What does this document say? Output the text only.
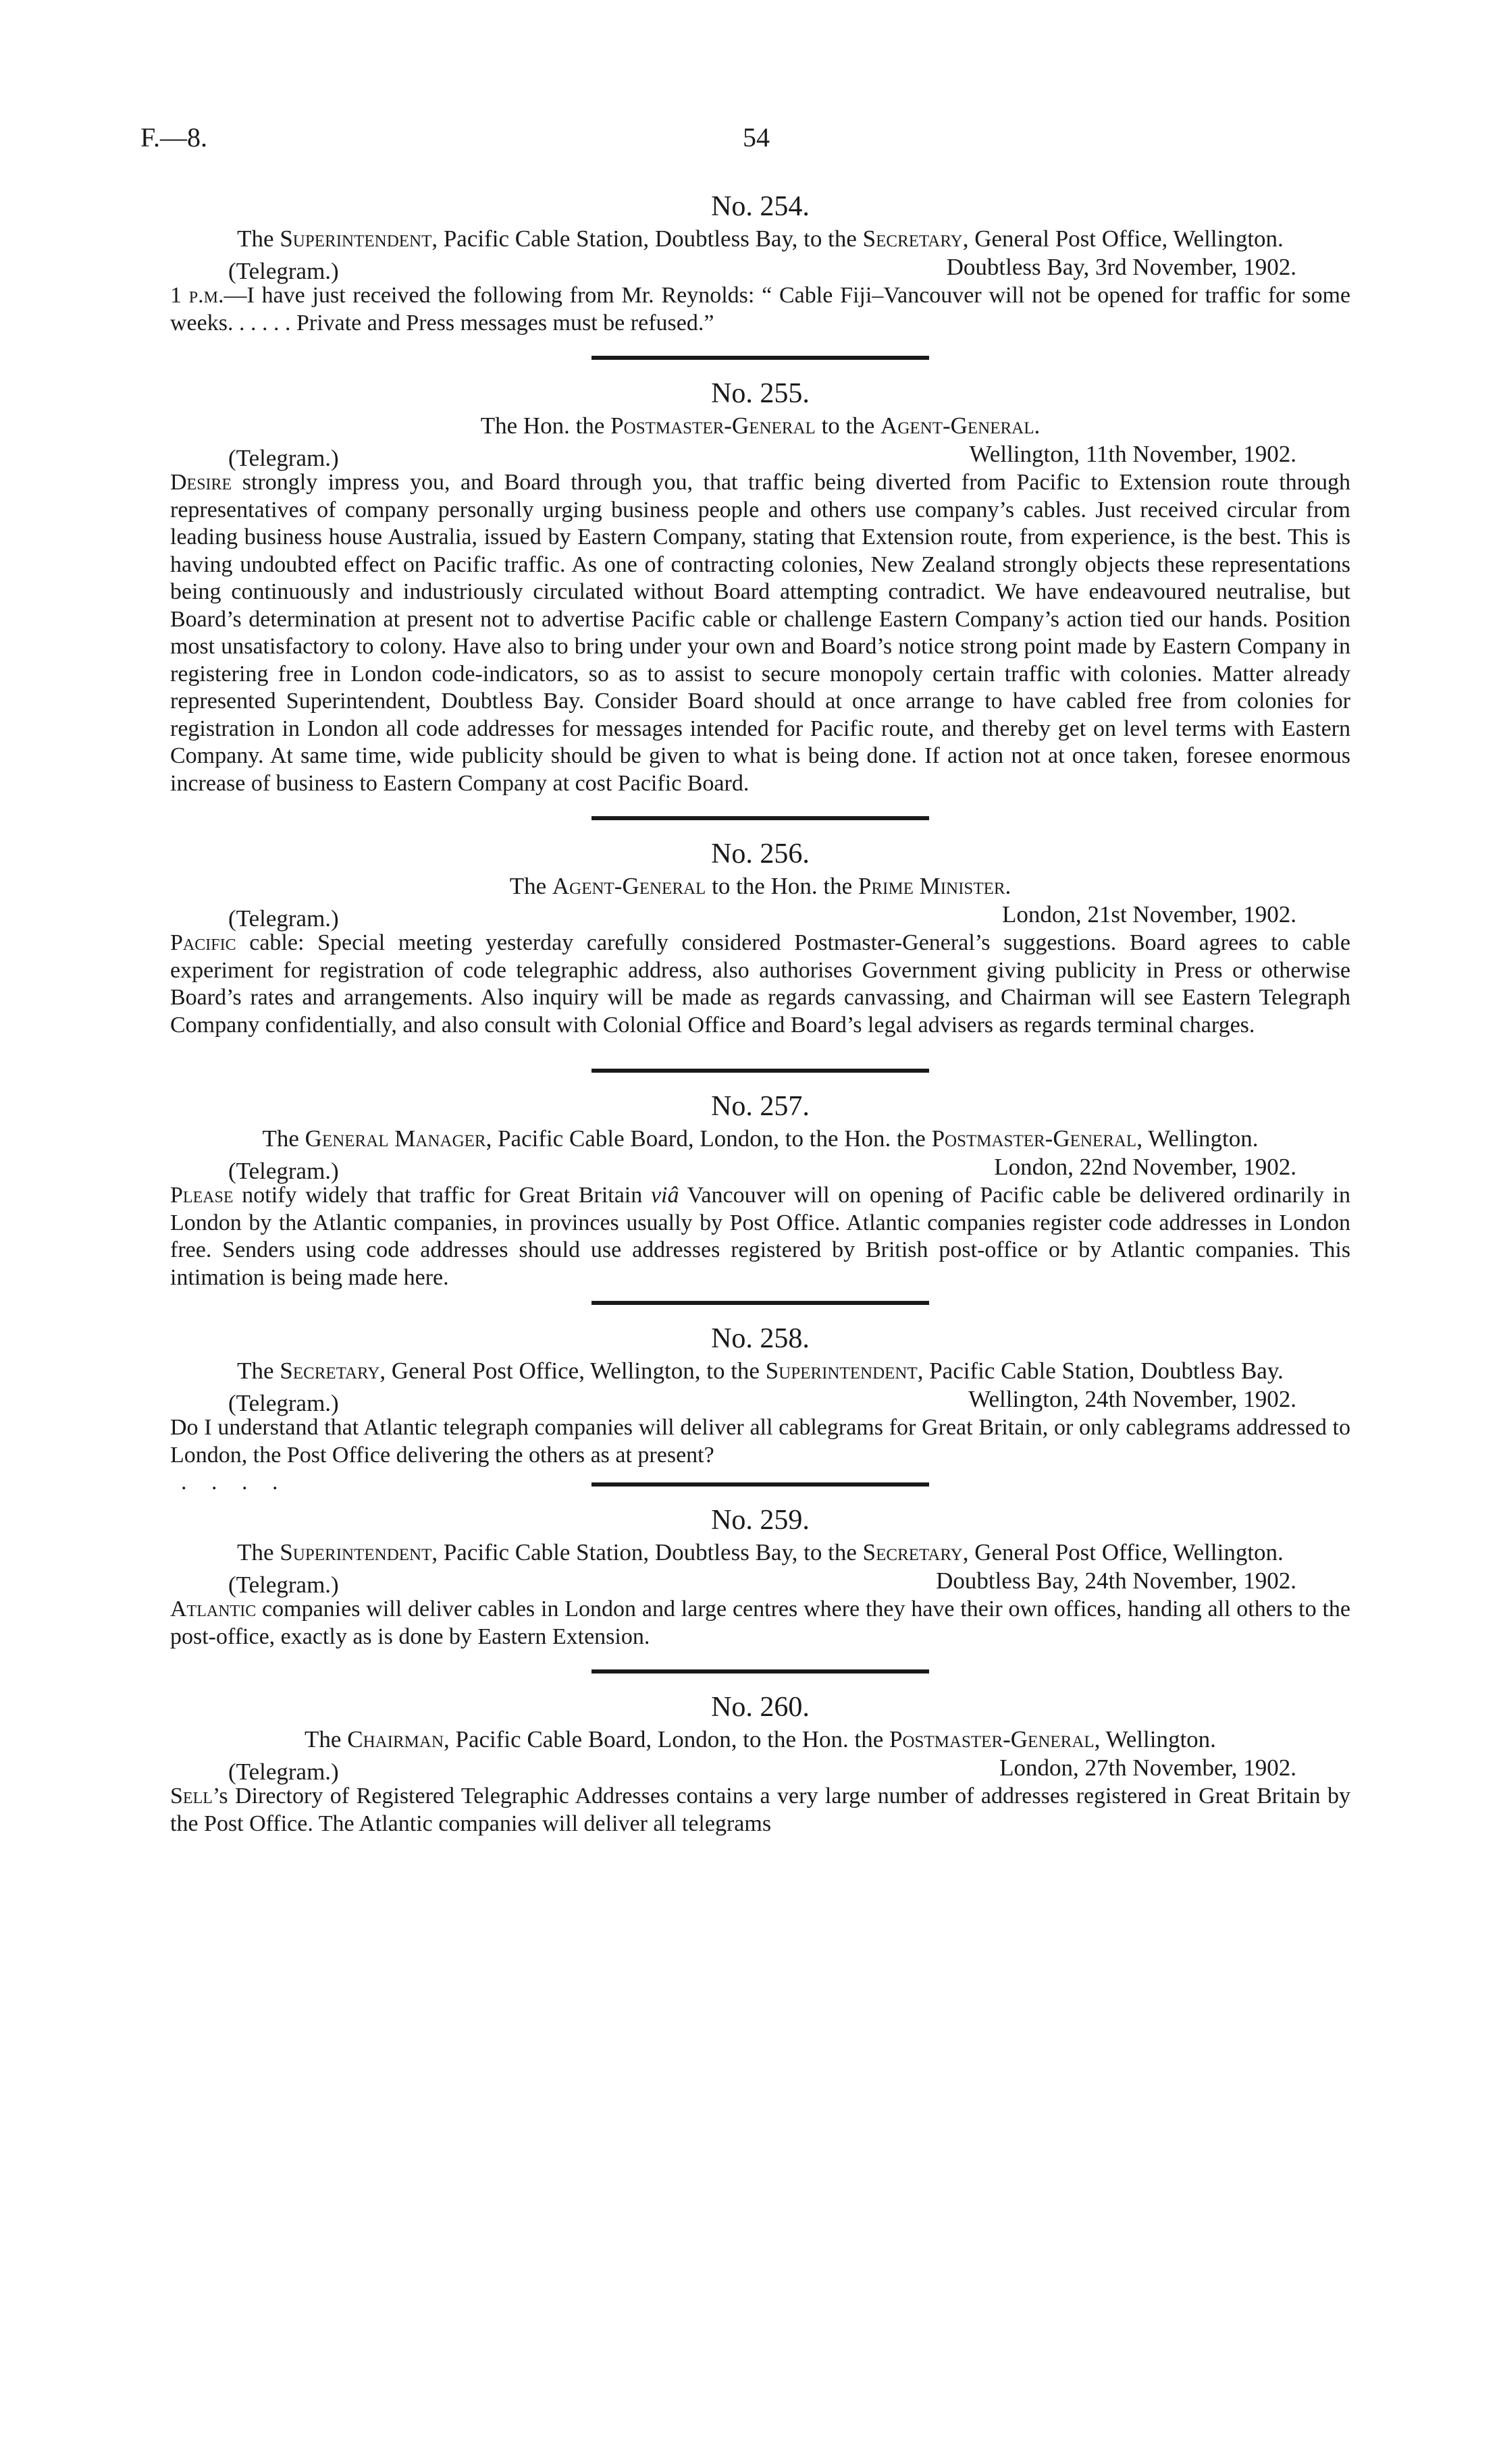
F.—8.	54
No. 254.
The Superintendent, Pacific Cable Station, Doubtless Bay, to the Secretary, General Post Office, Wellington.
(Telegram.)	Doubtless Bay, 3rd November, 1902.
1 p.m.—I have just received the following from Mr. Reynolds: “ Cable Fiji–Vancouver will not be opened for traffic for some weeks. . . . . . Private and Press messages must be refused.”
No. 255.
The Hon. the Postmaster-General to the Agent-General.
(Telegram.)	Wellington, 11th November, 1902.
Desire strongly impress you, and Board through you, that traffic being diverted from Pacific to Extension route through representatives of company personally urging business people and others use company’s cables. Just received circular from leading business house Australia, issued by Eastern Company, stating that Extension route, from experience, is the best. This is having undoubted effect on Pacific traffic. As one of contracting colonies, New Zealand strongly objects these representations being continuously and industriously circulated without Board attempting contradict. We have endeavoured neutralise, but Board’s determination at present not to advertise Pacific cable or challenge Eastern Company’s action tied our hands. Position most unsatisfactory to colony. Have also to bring under your own and Board’s notice strong point made by Eastern Company in registering free in London code-indicators, so as to assist to secure monopoly certain traffic with colonies. Matter already represented Superintendent, Doubtless Bay. Consider Board should at once arrange to have cabled free from colonies for registration in London all code addresses for messages intended for Pacific route, and thereby get on level terms with Eastern Company. At same time, wide publicity should be given to what is being done. If action not at once taken, foresee enormous increase of business to Eastern Company at cost Pacific Board.
No. 256.
The Agent-General to the Hon. the Prime Minister.
(Telegram.)	London, 21st November, 1902.
Pacific cable: Special meeting yesterday carefully considered Postmaster-General’s suggestions. Board agrees to cable experiment for registration of code telegraphic address, also authorises Government giving publicity in Press or otherwise Board’s rates and arrangements. Also inquiry will be made as regards canvassing, and Chairman will see Eastern Telegraph Company confidentially, and also consult with Colonial Office and Board’s legal advisers as regards terminal charges.
No. 257.
The General Manager, Pacific Cable Board, London, to the Hon. the Postmaster-General, Wellington.
(Telegram.)	London, 22nd November, 1902.
Please notify widely that traffic for Great Britain viâ Vancouver will on opening of Pacific cable be delivered ordinarily in London by the Atlantic companies, in provinces usually by Post Office. Atlantic companies register code addresses in London free. Senders using code addresses should use addresses registered by British post-office or by Atlantic companies. This intimation is being made here.
No. 258.
The Secretary, General Post Office, Wellington, to the Superintendent, Pacific Cable Station, Doubtless Bay.
(Telegram.)	Wellington, 24th November, 1902.
Do I understand that Atlantic telegraph companies will deliver all cablegrams for Great Britain, or only cablegrams addressed to London, the Post Office delivering the others as at present?
. . . .
No. 259.
The Superintendent, Pacific Cable Station, Doubtless Bay, to the Secretary, General Post Office, Wellington.
(Telegram.)	Doubtless Bay, 24th November, 1902.
Atlantic companies will deliver cables in London and large centres where they have their own offices, handing all others to the post-office, exactly as is done by Eastern Extension.
No. 260.
The Chairman, Pacific Cable Board, London, to the Hon. the Postmaster-General, Wellington.
(Telegram.)	London, 27th November, 1902.
Sell’s Directory of Registered Telegraphic Addresses contains a very large number of addresses registered in Great Britain by the Post Office. The Atlantic companies will deliver all telegrams
